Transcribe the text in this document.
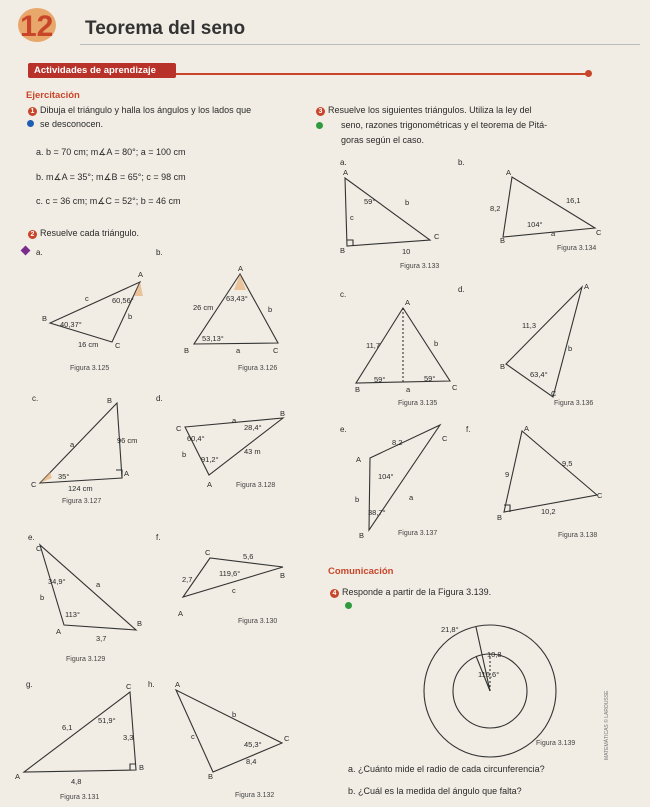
12 Teorema del seno
Actividades de aprendizaje
Ejercitación
1 Dibuja el triángulo y halla los ángulos y los lados que
se desconocen.
a. b = 70 cm; m∡A = 80°; a = 100 cm
b. m∡A = 35°; m∡B = 65°; c = 98 cm
c. c = 36 cm; m∡C = 52°; b = 46 cm
2 Resuelve cada triángulo.
3 Resuelve los siguientes triángulos. Utiliza la ley del
seno, razones trigonométricas y el teorema de Pitá-
goras según el caso.
Comunicación
4 Responde a partir de la Figura 3.139.
a. ¿Cuánto mide el radio de cada circunferencia?
b. ¿Cuál es la medida del ángulo que falta?
a.	b.
c.	d.
e.	f.
g.	h.
a.	b.
c.
d.
e.	f.
A
B
C
c
b
60,56°
40,37°
16 cm
Figura 3.125
A
B	C
26 cm	b
63,43°
53,13°
a
Figura 3.126
B
C
A
a	96 cm
35°
124 cm
Figura 3.127
C
B
A
a
b
28,4°
60,4°
91,2°
43 m
Figura 3.128
C
B
A
34,9°	a
b
113°
3,7
Figura 3.129
C
B
A
5,6
2,7
119,6°
c
Figura 3.130
C
A
B
6,1
51,9°
3,3
4,8
Figura 3.131
A
B
C
b
c
45,3°
8,4
Figura 3.132
A
B
C
59°	b
c
10
Figura 3.133
A
B
C
16,1
8,2
104°
a
Figura 3.134
A
B	C
11,7	b
59°	59°
a
Figura 3.135
A
B
C
11,3
b
63,4°
Figura 3.136
A
C
B
8,2
104°
a
b
38,7°
Figura 3.137
A
B
C
9,5
9
10,2
Figura 3.138
21,8°
10,8
116,6°
Figura 3.139	MATEMÁTICAS © LAROUSSE
